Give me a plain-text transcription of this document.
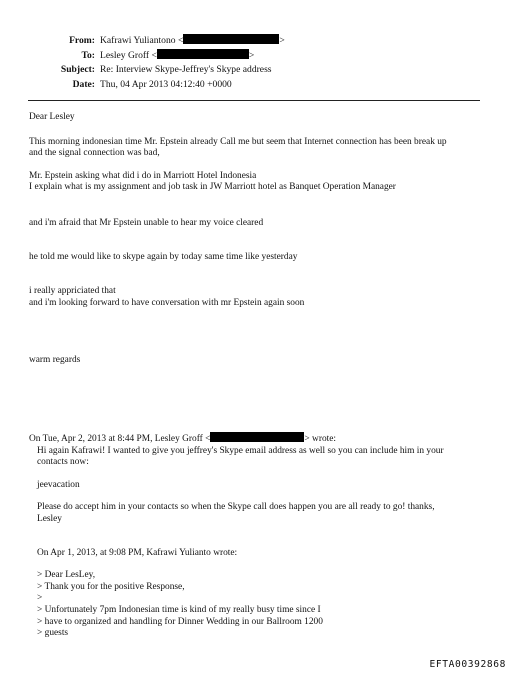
From: Kafrawi Yuliantono <	>
To: Lesley Groff <	>
Subject: Re: Interview Skype-Jeffrey's Skype address
Date: Thu, 04 Apr 2013 04:12:40 +0000

Dear Lesley

This morning indonesian time Mr. Epstein already Call me but seem that Internet connection has been break up

and the signal connection was bad,

Mr. Epstein asking what did i do in Marriott Hotel Indonesia

I explain what is my assignment and job task in JW Marriott hotel as Banquet Operation Manager

and i'm afraid that Mr Epstein unable to hear my voice cleared

he told me would like to skype again by today same time like yesterday

i really appriciated that

and i'm looking forward to have conversation with mr Epstein again soon

warm regards

On Tue, Apr 2, 2013 at 8:44 PM, Lesley Groff <	> wrote:

Hi again Kafrawi! I wanted to give you jeffrey's Skype email address as well so you can include him in your

contacts now:

jeevacation

Please do accept him in your contacts so when the Skype call does happen you are all ready to go! thanks,

Lesley

On Apr 1, 2013, at 9:08 PM, Kafrawi Yulianto wrote:

> Dear LesLey,

> Thank you for the positive Response,

>

> Unfortunately 7pm Indonesian time is kind of my really busy time since I

> have to organized and handling for Dinner Wedding in our Ballroom 1200

> guests

EFTA00392868
